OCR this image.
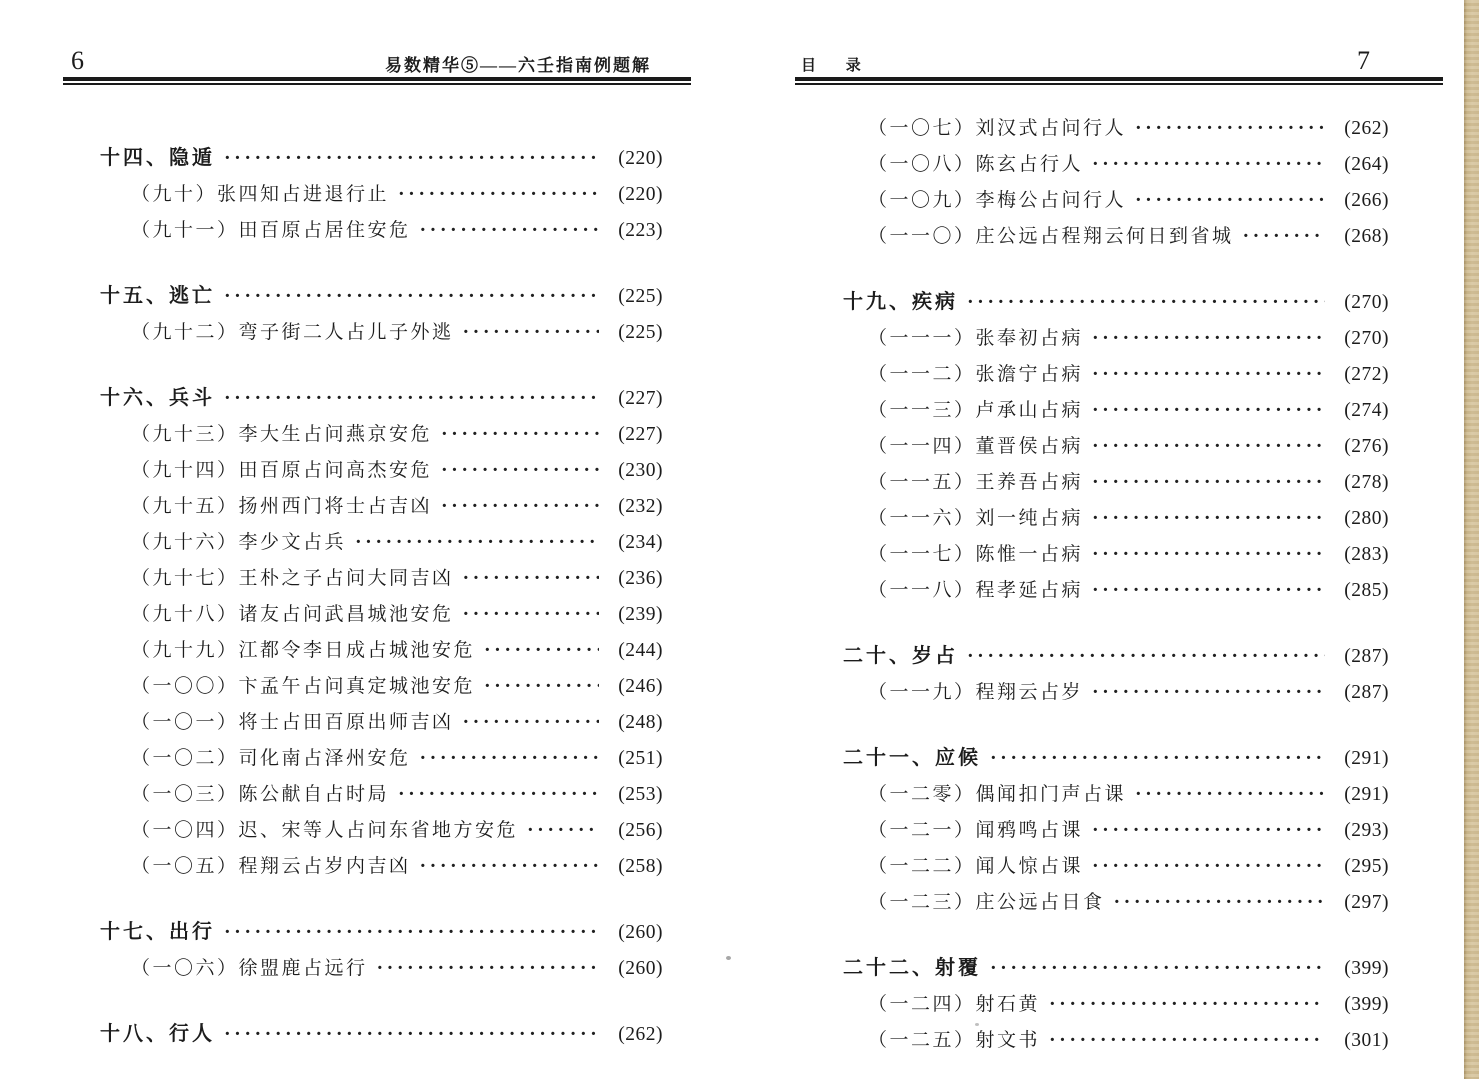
6	易数精华⑤——六壬指南例题解
十四、隐遁 ·····	(220)
（九十）张四知占进退行止 ·····	(220)
（九十一）田百原占居住安危 ·····	(223)
十五、逃亡 ·····	(225)
（九十二）弯子街二人占儿子外逃 ·····	(225)
十六、兵斗 ·····	(227)
（九十三）李大生占问燕京安危 ·····	(227)
（九十四）田百原占问高杰安危 ·····	(230)
（九十五）扬州西门将士占吉凶 ·····	(232)
（九十六）李少文占兵 ·····	(234)
（九十七）王朴之子占问大同吉凶 ·····	(236)
（九十八）诸友占问武昌城池安危 ·····	(239)
（九十九）江都令李日成占城池安危 ·····	(244)
（一〇〇）卞孟午占问真定城池安危 ·····	(246)
（一〇一）将士占田百原出师吉凶 ·····	(248)
（一〇二）司化南占泽州安危 ·····	(251)
（一〇三）陈公献自占时局 ·····	(253)
（一〇四）迟、宋等人占问东省地方安危 ·····	(256)
（一〇五）程翔云占岁内吉凶 ·····	(258)
十七、出行 ·····	(260)
（一〇六）徐盟鹿占远行 ·····	(260)
十八、行人 ·····	(262)
目 录	7
（一〇七）刘汉式占问行人 ·····	(262)
（一〇八）陈玄占行人 ·····	(264)
（一〇九）李梅公占问行人 ·····	(266)
（一一〇）庄公远占程翔云何日到省城 ·····	(268)
十九、疾病 ·····	(270)
（一一一）张奉初占病 ·····	(270)
（一一二）张澹宁占病 ·····	(272)
（一一三）卢承山占病 ·····	(274)
（一一四）董晋侯占病 ·····	(276)
（一一五）王养吾占病 ·····	(278)
（一一六）刘一纯占病 ·····	(280)
（一一七）陈惟一占病 ·····	(283)
（一一八）程孝延占病 ·····	(285)
二十、岁占 ·····	(287)
（一一九）程翔云占岁 ·····	(287)
二十一、应候 ·····	(291)
（一二零）偶闻扣门声占课 ·····	(291)
（一二一）闻鸦鸣占课 ·····	(293)
（一二二）闻人惊占课 ·····	(295)
（一二三）庄公远占日食 ·····	(297)
二十二、射覆 ·····	(399)
（一二四）射石黄 ·····	(399)
（一二五）射文书 ·····	(301)
